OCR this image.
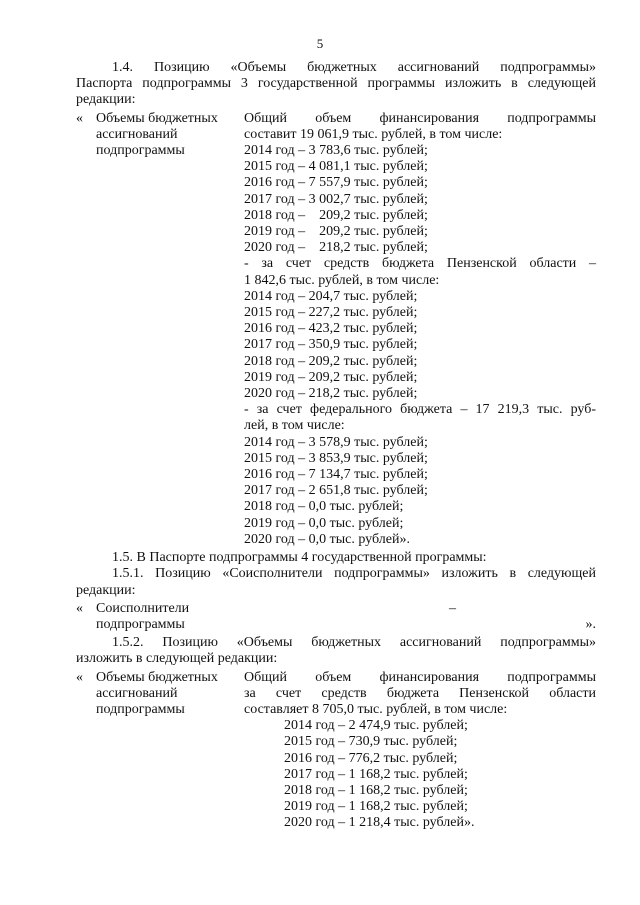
5

1.4. Позицию «Объемы бюджетных ассигнований подпрограммы»

Паспорта подпрограммы 3 государственной программы изложить в следующей

редакции:

« Объемы бюджетных
ассигнований
подпрограммы
Общий объем финансирования подпрограммы
составит 19 061,9 тыс. рублей, в том числе:
2014 год – 3 783,6 тыс. рублей;
2015 год – 4 081,1 тыс. рублей;
2016 год – 7 557,9 тыс. рублей;
2017 год – 3 002,7 тыс. рублей;
2018 год –    209,2 тыс. рублей;
2019 год –    209,2 тыс. рублей;
2020 год –    218,2 тыс. рублей;
- за счет средств бюджета Пензенской области –
1 842,6 тыс. рублей, в том числе:
2014 год – 204,7 тыс. рублей;
2015 год – 227,2 тыс. рублей;
2016 год – 423,2 тыс. рублей;
2017 год – 350,9 тыс. рублей;
2018 год – 209,2 тыс. рублей;
2019 год – 209,2 тыс. рублей;
2020 год – 218,2 тыс. рублей;
- за счет федерального бюджета – 17 219,3 тыс. руб-
лей, в том числе:
2014 год – 3 578,9 тыс. рублей;
2015 год – 3 853,9 тыс. рублей;
2016 год – 7 134,7 тыс. рублей;
2017 год – 2 651,8 тыс. рублей;
2018 год – 0,0 тыс. рублей;
2019 год – 0,0 тыс. рублей;
2020 год – 0,0 тыс. рублей».

1.5. В Паспорте подпрограммы 4 государственной программы:

1.5.1. Позицию «Соисполнители подпрограммы» изложить в следующей

редакции:

« Соисполнители
подпрограммы
–
».

1.5.2. Позицию «Объемы бюджетных ассигнований подпрограммы»

изложить в следующей редакции:

« Объемы бюджетных
ассигнований
подпрограммы
Общий объем финансирования подпрограммы
за счет средств бюджета Пензенской области
составляет 8 705,0 тыс. рублей, в том числе:
2014 год – 2 474,9 тыс. рублей;
2015 год – 730,9 тыс. рублей;
2016 год – 776,2 тыс. рублей;
2017 год – 1 168,2 тыс. рублей;
2018 год – 1 168,2 тыс. рублей;
2019 год – 1 168,2 тыс. рублей;
2020 год – 1 218,4 тыс. рублей».
